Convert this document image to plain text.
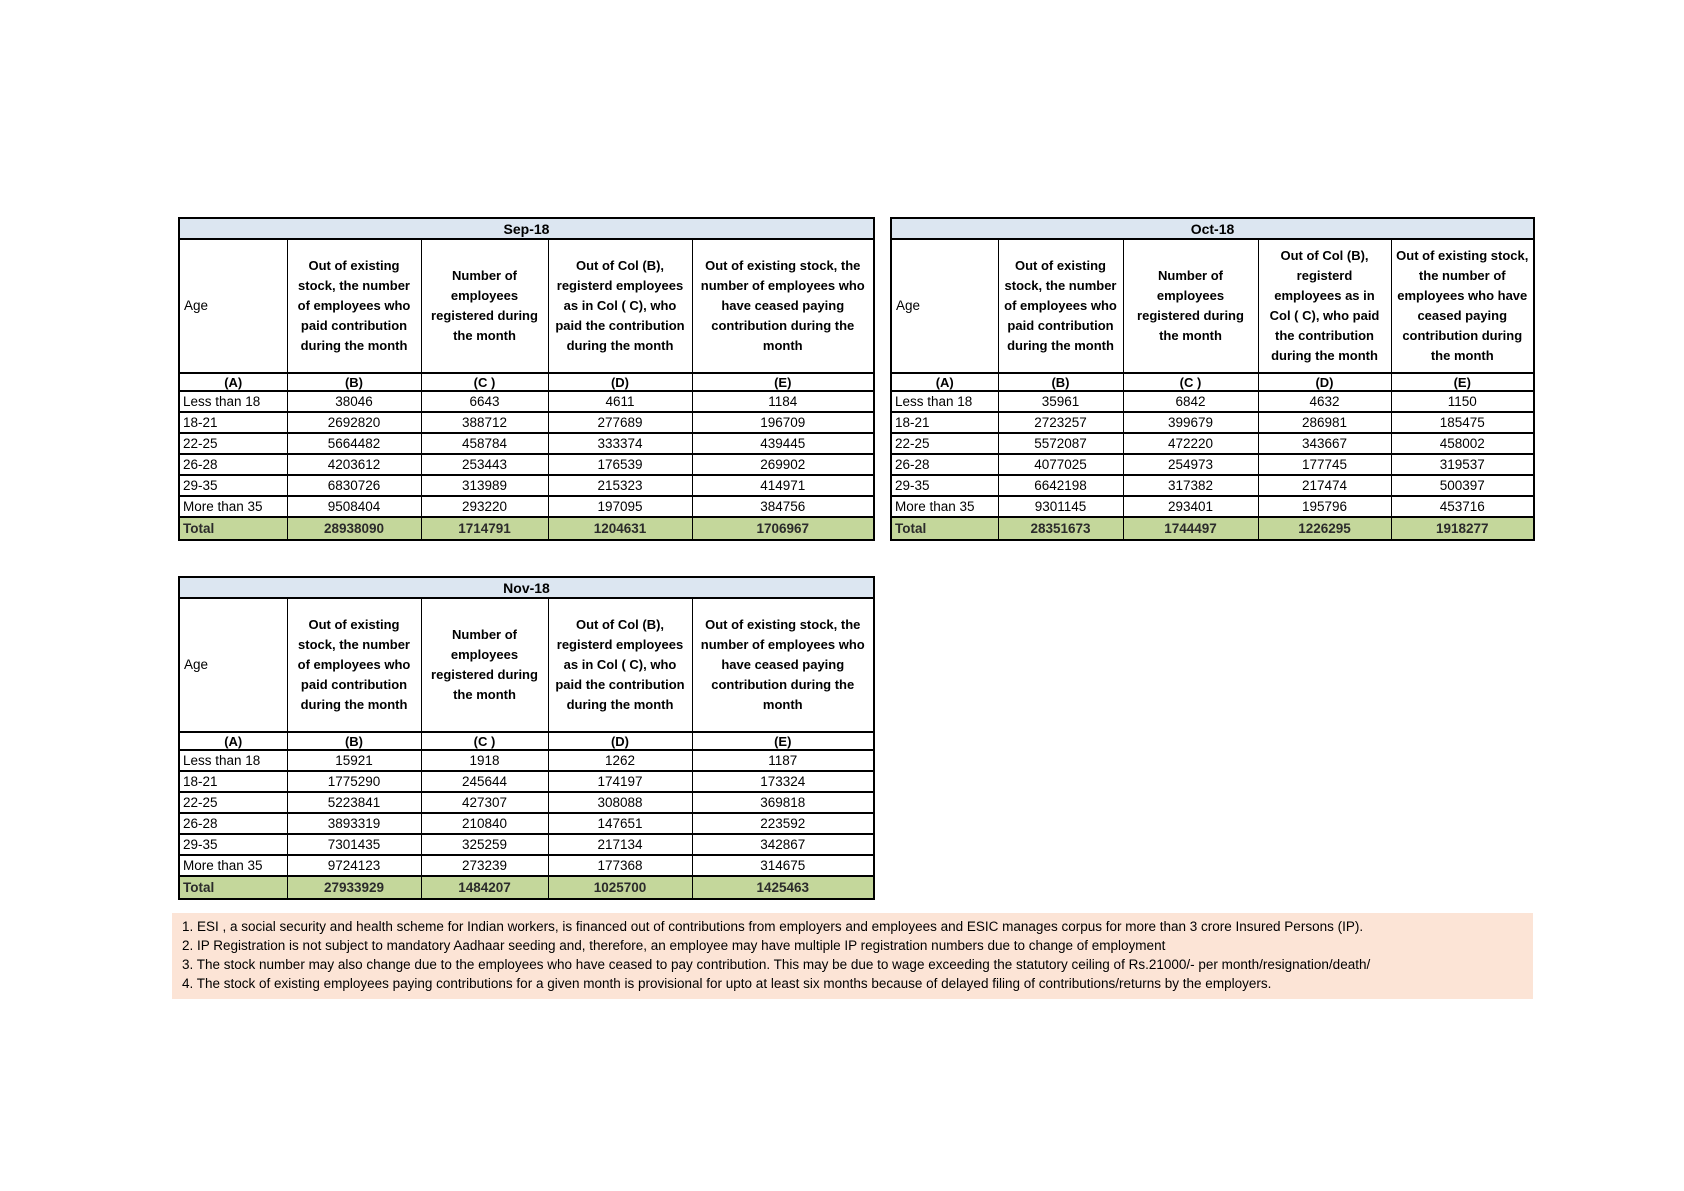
Sep-18				
Age	Out of existing stock, the number of employees who paid contribution during the month	Number of employees registered during the month	Out of Col (B), registerd employees as in Col ( C), who paid the contribution during the month	Out of existing stock, the number of employees who have ceased paying contribution during the month
(A)	(B)	(C )	(D)	(E)
Less than 18	38046	6643	4611	1184
18-21	2692820	388712	277689	196709
22-25	5664482	458784	333374	439445
26-28	4203612	253443	176539	269902
29-35	6830726	313989	215323	414971
More than 35	9508404	293220	197095	384756
Total	28938090	1714791	1204631	1706967
Oct-18				
Age	Out of existing stock, the number of employees who paid contribution during the month	Number of employees registered during the month	Out of Col (B), registerd employees as in Col ( C), who paid the contribution during the month	Out of existing stock, the number of employees who have ceased paying contribution during the month
(A)	(B)	(C )	(D)	(E)
Less than 18	35961	6842	4632	1150
18-21	2723257	399679	286981	185475
22-25	5572087	472220	343667	458002
26-28	4077025	254973	177745	319537
29-35	6642198	317382	217474	500397
More than 35	9301145	293401	195796	453716
Total	28351673	1744497	1226295	1918277
Nov-18				
Age	Out of existing stock, the number of employees who paid contribution during the month	Number of employees registered during the month	Out of Col (B), registerd employees as in Col ( C), who paid the contribution during the month	Out of existing stock, the number of employees who have ceased paying contribution during the month
(A)	(B)	(C )	(D)	(E)
Less than 18	15921	1918	1262	1187
18-21	1775290	245644	174197	173324
22-25	5223841	427307	308088	369818
26-28	3893319	210840	147651	223592
29-35	7301435	325259	217134	342867
More than 35	9724123	273239	177368	314675
Total	27933929	1484207	1025700	1425463

1. ESI , a social security and health scheme for Indian workers, is financed out of contributions from employers and employees and ESIC manages corpus for more than 3 crore Insured Persons (IP).

2. IP Registration is not subject to mandatory Aadhaar seeding and, therefore, an employee may have multiple IP registration numbers due to change of employment

3. The stock number may also change due to the employees who have ceased to pay contribution. This may be due to wage exceeding the statutory ceiling of Rs.21000/- per month/resignation/death/

4. The stock of existing employees paying contributions for a given month is provisional for upto at least six months because of delayed filing of contributions/returns by the employers.
